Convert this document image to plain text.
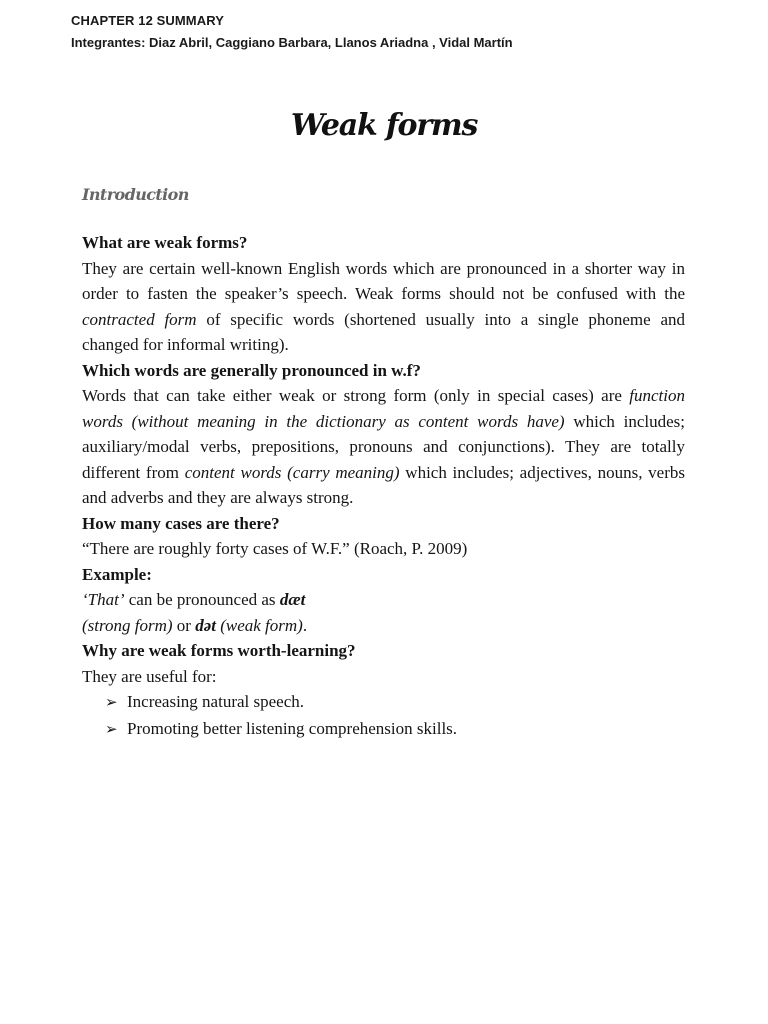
CHAPTER 12 SUMMARY
Integrantes: Diaz Abril, Caggiano Barbara, Llanos Ariadna , Vidal Martín
Weak forms
Introduction

What are weak forms?

They are certain well-known English words which are pronounced in a shorter way in order to fasten the speaker’s speech. Weak forms should not be confused with the contracted form of specific words (shortened usually into a single phoneme and changed for informal writing).

Which words are generally pronounced in w.f?

Words that can take either weak or strong form (only in special cases) are function words (without meaning in the dictionary as content words have) which includes; auxiliary/modal verbs, prepositions, pronouns and conjunctions). They are totally different from content words (carry meaning) which includes; adjectives, nouns, verbs and adverbs and they are always strong.

How many cases are there?

“There are roughly forty cases of W.F.” (Roach, P. 2009)

Example:

‘That’ can be pronounced as dæt

(strong form) or dət (weak form).

Why are weak forms worth-learning?

They are useful for:

➢ Increasing natural speech.
➢ Promoting better listening comprehension skills.
